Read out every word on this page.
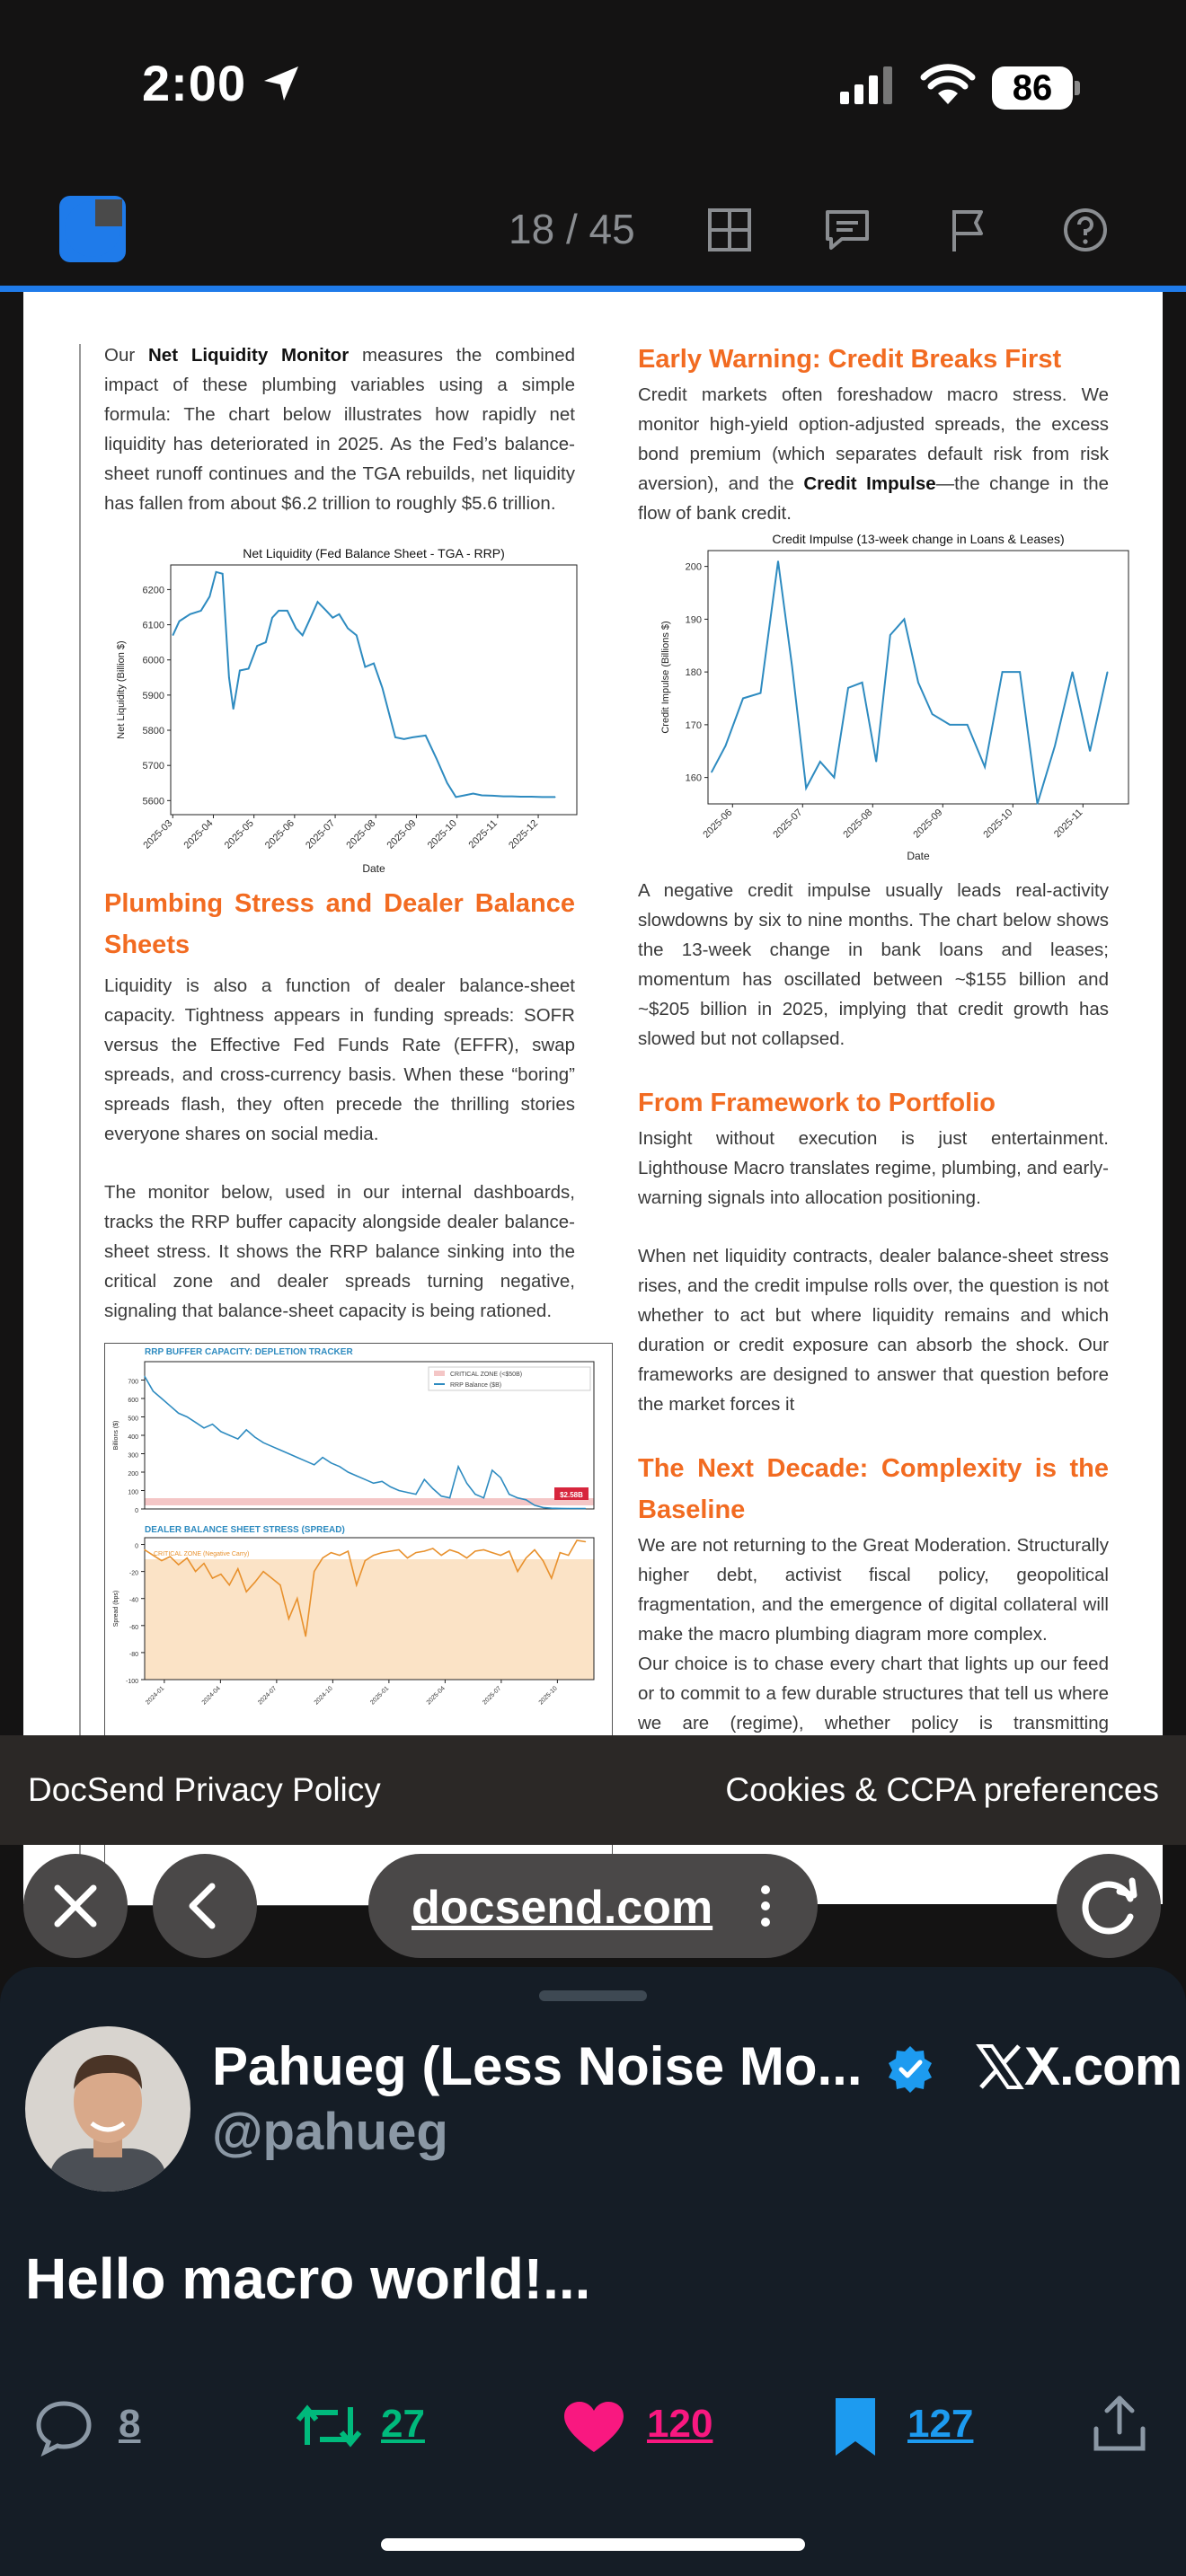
2:00	86
18 / 45

Our Net Liquidity Monitor measures the combined impact of these plumbing variables using a simple formula: The chart below illustrates how rapidly net liquidity has deteriorated in 2025. As the Fed’s balance-sheet runoff continues and the TGA rebuilds, net liquidity has fallen from about $6.2 trillion to roughly $5.6 trillion.

Net Liquidity (Fed Balance Sheet - TGA - RRP)
5600
5700
5800
5900
6000
6100
6200
2025-03 2025-04 2025-05 2025-06 2025-07 2025-08 2025-09 2025-10 2025-11 2025-12
Date
Net Liquidity (Billion $)
Plumbing Stress and Dealer Balance Sheets

Liquidity is also a function of dealer balance-sheet capacity. Tightness appears in funding spreads: SOFR versus the Effective Fed Funds Rate (EFFR), swap spreads, and cross-currency basis. When these “boring” spreads flash, they often precede the thrilling stories everyone shares on social media.

The monitor below, used in our internal dashboards, tracks the RRP buffer capacity alongside dealer balance-sheet stress. It shows the RRP balance sinking into the critical zone and dealer spreads turning negative, signaling that balance-sheet capacity is being rationed.

0
100
200
300
400
500
600
700
Billions ($)
RRP BUFFER CAPACITY: DEPLETION TRACKER
CRITICAL ZONE (<$50B)
RRP Balance ($B)
$2.58B
-100
-80
-60
-40
-20
0
2024-01	2024-04	2024-07	2024-10	2025-01	2025-04	2025-07	2025-10
Spread (bps)
DEALER BALANCE SHEET STRESS (SPREAD)
CRITICAL ZONE (Negative Carry)
Early Warning: Credit Breaks First

Credit markets often foreshadow macro stress. We monitor high-yield option-adjusted spreads, the excess bond premium (which separates default risk from risk aversion), and the Credit Impulse—the change in the flow of bank credit.

Credit Impulse (13-week change in Loans & Leases)
160
170
180
190
200
2025-06	2025-07	2025-08	2025-09	2025-10	2025-11
Date
Credit Impulse (Billions $)

A negative credit impulse usually leads real-activity slowdowns by six to nine months. The chart below shows the 13-week change in bank loans and leases; momentum has oscillated between ~$155 billion and ~$205 billion in 2025, implying that credit growth has slowed but not collapsed.

From Framework to Portfolio

Insight without execution is just entertainment. Lighthouse Macro translates regime, plumbing, and early-warning signals into allocation positioning.

When net liquidity contracts, dealer balance-sheet stress rises, and the credit impulse rolls over, the question is not whether to act but where liquidity remains and which duration or credit exposure can absorb the shock. Our frameworks are designed to answer that question before the market forces it

The Next Decade: Complexity is the Baseline

We are not returning to the Great Moderation. Structurally higher debt, activist fiscal policy, geopolitical fragmentation, and the emergence of digital collateral will make the macro plumbing diagram more complex.

Our choice is to chase every chart that lights up our feed or to commit to a few durable structures that tell us where we are (regime), whether policy is transmitting

DocSend Privacy Policy	Cookies & CCPA preferences
docsend.com
Pahueg (Less Noise Mo...	X.com
@pahueg
Hello macro world!...
8	27	120	127
